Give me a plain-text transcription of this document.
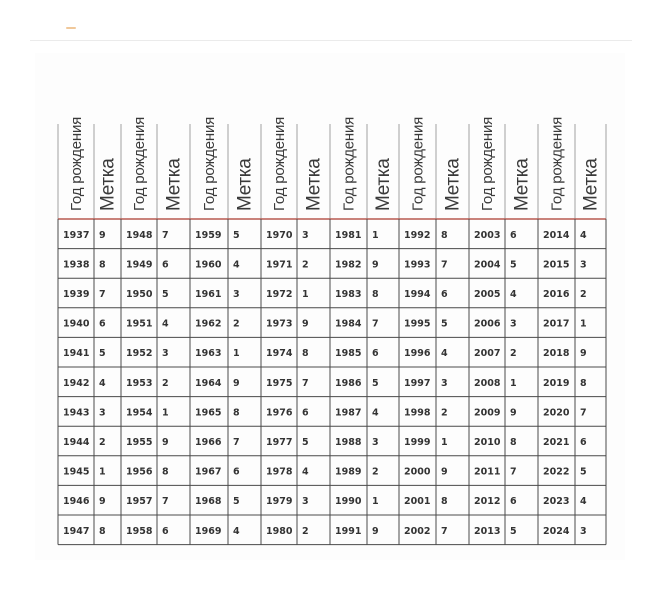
Год рождения Метка Год рождения Метка Год рождения Метка Год рождения Метка Год рождения Метка Год рождения Метка Год рождения Метка Год рождения Метка
1937 9 1948 7	1959 5	1970 3	1981 1	1992 8	2003 6	2014 4
1938 8 1949 6	1960 4	1971 2	1982 9	1993 7	2004 5	2015 3
1939 7 1950 5	1961 3	1972 1	1983 8	1994 6	2005 4	2016 2
1940 6 1951 4	1962 2	1973 9	1984 7	1995 5	2006 3	2017 1
1941 5 1952 3	1963 1	1974 8	1985 6	1996 4	2007 2	2018 9
1942 4 1953 2	1964 9	1975 7	1986 5	1997 3	2008 1	2019 8
1943 3 1954 1	1965 8	1976 6	1987 4	1998 2	2009 9	2020 7
1944 2 1955 9	1966 7	1977 5	1988 3	1999 1	2010 8	2021 6
1945 1 1956 8	1967 6	1978 4	1989 2	2000 9	2011 7	2022 5
1946 9 1957 7	1968 5	1979 3	1990 1	2001 8	2012 6	2023 4
1947 8 1958 6	1969 4	1980 2	1991 9	2002 7	2013 5	2024 3
